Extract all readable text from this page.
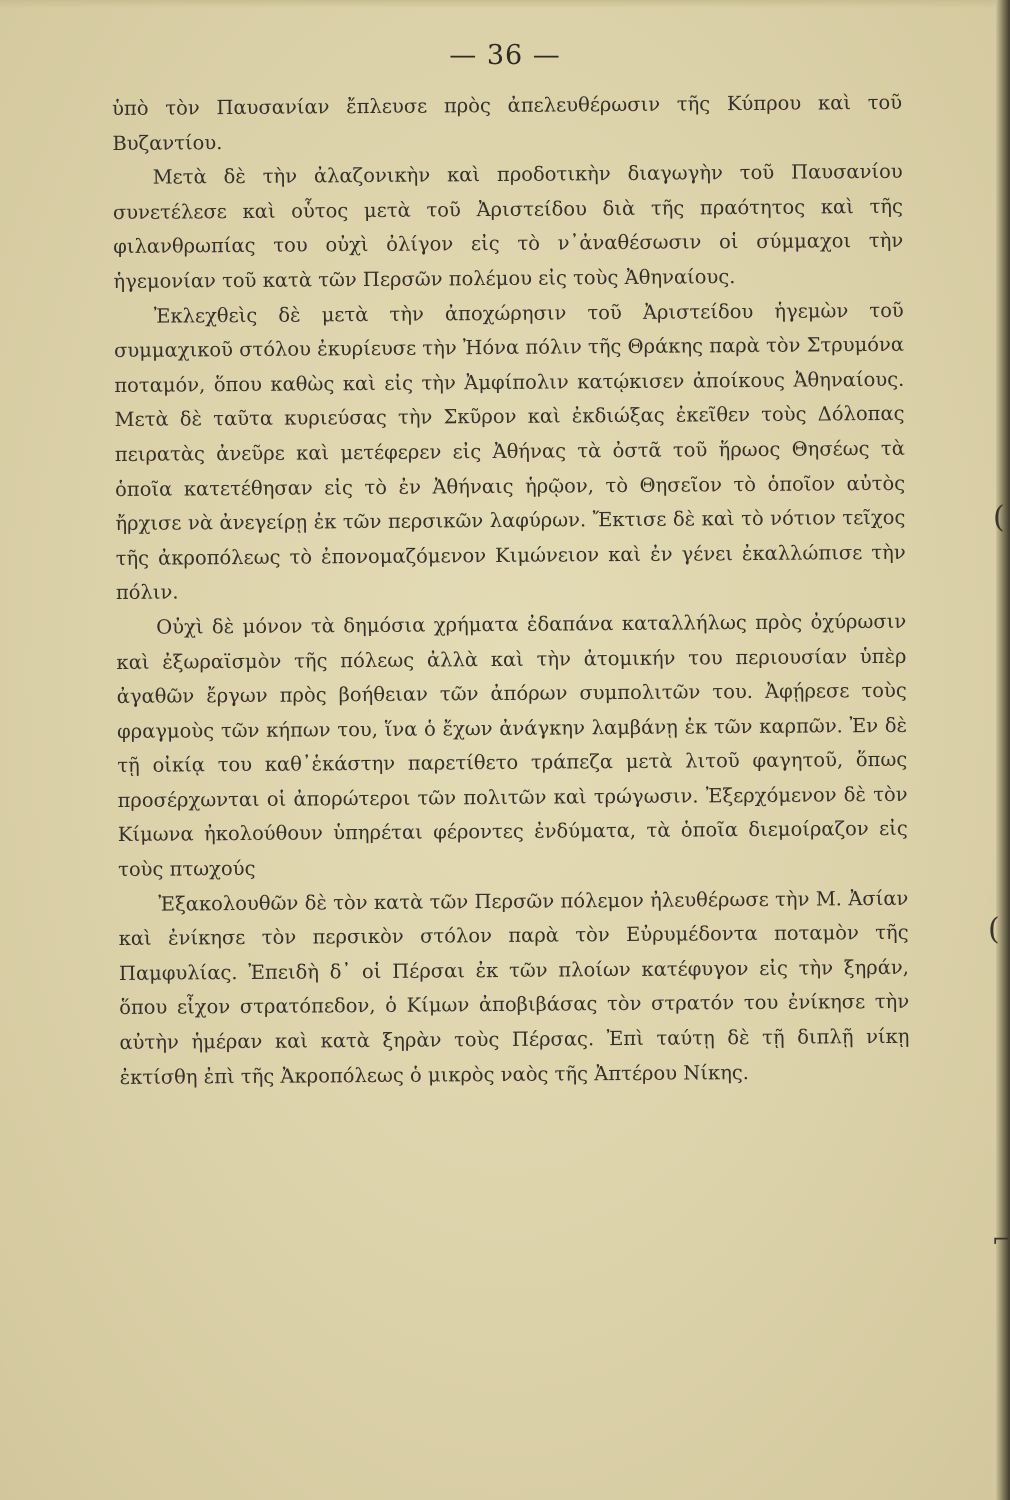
— 36 —

ὑπὸ τὸν Παυσανίαν ἔπλευσε πρὸς ἀπελευθέρωσιν τῆς Κύπρου καὶ τοῦ Βυζαντίου.

Μετὰ δὲ τὴν ἀλαζονικὴν καὶ προδοτικὴν διαγωγὴν τοῦ Παυσανίου συνετέλεσε καὶ οὗτος μετὰ τοῦ Ἀριστείδου διὰ τῆς πραότητος καὶ τῆς φιλανθρωπίας του οὐχὶ ὀλίγον εἰς τὸ ν᾽ἀναθέσωσιν οἱ σύμμαχοι τὴν ἡγεμονίαν τοῦ κατὰ τῶν Περσῶν πολέμου εἰς τοὺς Ἀθηναίους.

Ἐκλεχθεὶς δὲ μετὰ τὴν ἀποχώρησιν τοῦ Ἀριστείδου ἡγεμὼν τοῦ συμμαχικοῦ στόλου ἐκυρίευσε τὴν Ἠόνα πόλιν τῆς Θράκης παρὰ τὸν Στρυμόνα ποταμόν, ὅπου καθὼς καὶ εἰς τὴν Ἀμφίπολιν κατῴκισεν ἀποίκους Ἀθηναίους. Μετὰ δὲ ταῦτα κυριεύσας τὴν Σκῦρον καὶ ἐκδιώξας ἐκεῖθεν τοὺς Δόλοπας πειρατὰς ἀνεῦρε καὶ μετέφερεν εἰς Ἀθήνας τὰ ὀστᾶ τοῦ ἥρωος Θησέως τὰ ὁποῖα κατετέθησαν εἰς τὸ ἐν Ἀθήναις ἡρῷον, τὸ Θησεῖον τὸ ὁποῖον αὐτὸς ἤρχισε νὰ ἀνεγείρῃ ἐκ τῶν περσικῶν λαφύρων. Ἔκτισε δὲ καὶ τὸ νότιον τεῖχος τῆς ἀκροπόλεως τὸ ἐπονομαζόμενον Κιμώνειον καὶ ἐν γένει ἐκαλλώπισε τὴν πόλιν.

Οὐχὶ δὲ μόνον τὰ δημόσια χρήματα ἐδαπάνα καταλλήλως πρὸς ὀχύρωσιν καὶ ἐξωραϊσμὸν τῆς πόλεως ἀλλὰ καὶ τὴν ἀτομικήν του περιουσίαν ὑπὲρ ἀγαθῶν ἔργων πρὸς βοήθειαν τῶν ἀπόρων συμπολιτῶν του. Ἀφῄρεσε τοὺς φραγμοὺς τῶν κήπων του, ἵνα ὁ ἔχων ἀνάγκην λαμβάνῃ ἐκ τῶν καρπῶν. Ἐν δὲ τῇ οἰκίᾳ του καθ᾽ἑκάστην παρετίθετο τράπεζα μετὰ λιτοῦ φαγητοῦ, ὅπως προσέρχωνται οἱ ἀπορώτεροι τῶν πολιτῶν καὶ τρώγωσιν. Ἐξερχόμενον δὲ τὸν Κίμωνα ἠκολούθουν ὑπηρέται φέροντες ἐνδύματα, τὰ ὁποῖα διεμοίραζον εἰς τοὺς πτωχούς

Ἐξακολουθῶν δὲ τὸν κατὰ τῶν Περσῶν πόλεμον ἠλευθέρωσε τὴν Μ. Ἀσίαν καὶ ἐνίκησε τὸν περσικὸν στόλον παρὰ τὸν Εὐρυμέδοντα ποταμὸν τῆς Παμφυλίας. Ἐπειδὴ δ᾽ οἱ Πέρσαι ἐκ τῶν πλοίων κατέφυγον εἰς τὴν ξηράν, ὅπου εἶχον στρατόπεδον, ὁ Κίμων ἀποβιβάσας τὸν στρατόν του ἐνίκησε τὴν αὐτὴν ἡμέραν καὶ κατὰ ξηρὰν τοὺς Πέρσας. Ἐπὶ ταύτῃ δὲ τῇ διπλῇ νίκῃ ἐκτίσθη ἐπὶ τῆς Ἀκροπόλεως ὁ μικρὸς ναὸς τῆς Ἀπτέρου Νίκης.

(
(
⌐
